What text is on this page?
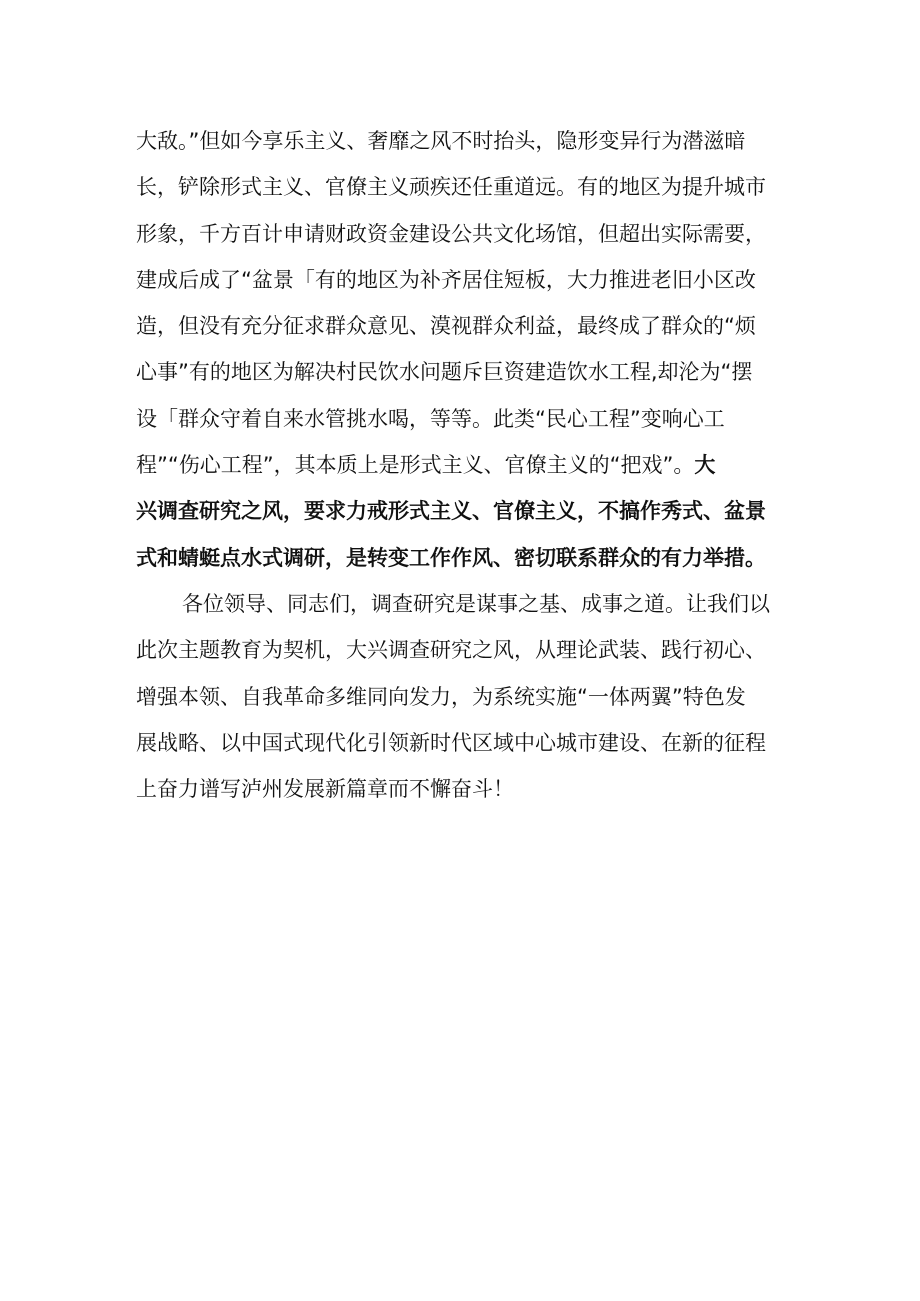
大敌。”但如今享乐主义、奢靡之风不时抬头，隐形变异行为潜滋暗
长，铲除形式主义、官僚主义顽疾还任重道远。有的地区为提升城市
形象，千方百计申请财政资金建设公共文化场馆，但超出实际需要，
建成后成了“盆景「有的地区为补齐居住短板，大力推进老旧小区改
造，但没有充分征求群众意见、漠视群众利益，最终成了群众的“烦
心事”有的地区为解决村民饮水问题斥巨资建造饮水工程,却沦为“摆
设「群众守着自来水管挑水喝，等等。此类“民心工程”变响心工
程”“伤心工程”，其本质上是形式主义、官僚主义的“把戏”。大
兴调查研究之风，要求力戒形式主义、官僚主义，不搞作秀式、盆景
式和蜻蜓点水式调研，是转变工作作风、密切联系群众的有力举措。
各位领导、同志们，调查研究是谋事之基、成事之道。让我们以
此次主题教育为契机，大兴调查研究之风，从理论武装、践行初心、
增强本领、自我革命多维同向发力，为系统实施“一体两翼”特色发
展战略、以中国式现代化引领新时代区域中心城市建设、在新的征程
上奋力谱写泸州发展新篇章而不懈奋斗！
